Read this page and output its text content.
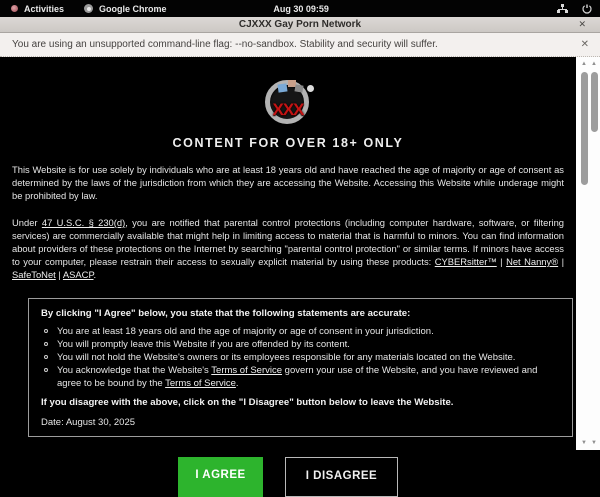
Activities	Google Chrome	Aug 30 09:59
CJXXX Gay Porn Network	✕
You are using an unsupported command-line flag: --no-sandbox. Stability and security will suffer.	✕
XXX
CONTENT FOR OVER 18+ ONLY

This Website is for use solely by individuals who are at least 18 years old and have reached the age of majority or age of consent as determined by the laws of the jurisdiction from which they are accessing the Website. Accessing this Website while underage might be prohibited by law.

Under 47 U.S.C. § 230(d), you are notified that parental control protections (including computer hardware, software, or filtering services) are commercially available that might help in limiting access to material that is harmful to minors. You can find information about providers of these protections on the Internet by searching "parental control protection" or similar terms. If minors have access to your computer, please restrain their access to sexually explicit material by using these products: CYBERsitter™ | Net Nanny® | SafeToNet | ASACP.

By clicking "I Agree" below, you state that the following statements are accurate:
You are at least 18 years old and the age of majority or age of consent in your jurisdiction.
You will promptly leave this Website if you are offended by its content.
You will not hold the Website's owners or its employees responsible for any materials located on the Website.
You acknowledge that the Website's Terms of Service govern your use of the Website, and you have reviewed and agree to be bound by the Terms of Service.
If you disagree with the above, click on the "I Disagree" button below to leave the Website.
Date: August 30, 2025
I AGREE	I DISAGREE
▲
▼
▲
▼
